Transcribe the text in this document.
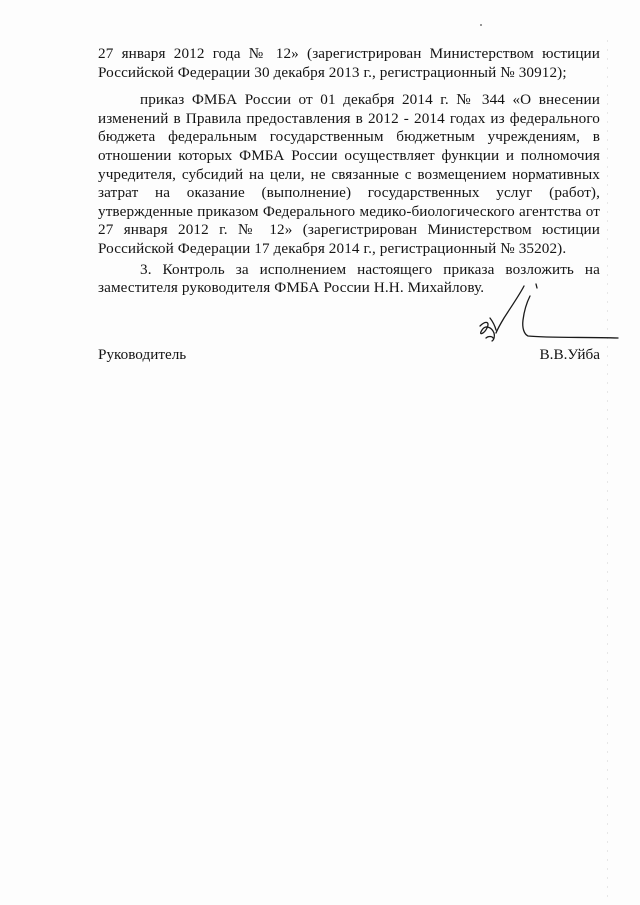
27 января 2012 года № 12» (зарегистрирован Министерством юстиции
Российской Федерации 30 декабря 2013 г., регистрационный № 30912);
приказ ФМБА России от 01 декабря 2014 г. № 344 «О внесении
изменений в Правила предоставления в 2012 - 2014 годах из федерального
бюджета федеральным государственным бюджетным учреждениям, в
отношении которых ФМБА России осуществляет функции и полномочия
учредителя, субсидий на цели, не связанные с возмещением нормативных
затрат на оказание (выполнение) государственных услуг (работ),
утвержденные приказом Федерального медико-биологического агентства от
27 января 2012 г. № 12» (зарегистрирован Министерством юстиции
Российской Федерации 17 декабря 2014 г., регистрационный № 35202).
3. Контроль за исполнением настоящего приказа возложить на
заместителя руководителя ФМБА России Н.Н. Михайлову.
Руководитель	В.В.Уйба
